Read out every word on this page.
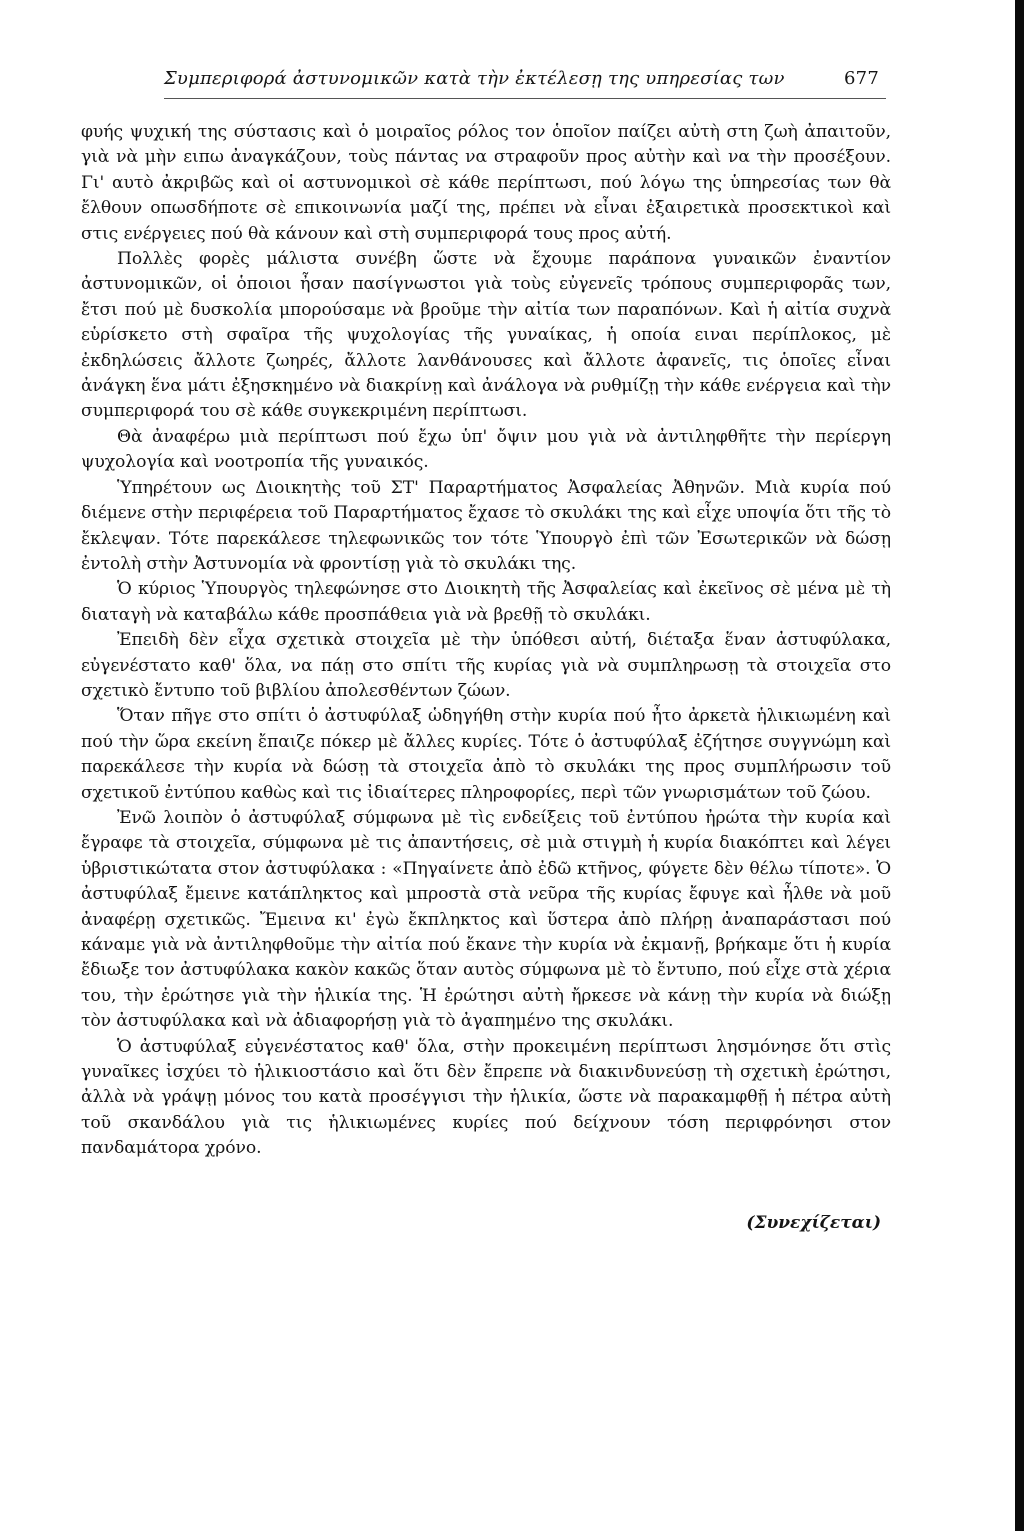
Συμπεριφορά ἀστυνομικῶν κατὰ τὴν ἐκτέλεσῃ της υπηρεσίας των	677

φυής ψυχική της σύστασις καὶ ὁ μοιραῖος ρόλος τον ὁποῖον παίζει αὐτὴ στη ζωὴ ἀπαιτοῦν, γιὰ νὰ μὴν ειπω ἀναγκάζουν, τοὺς πάντας να στραφοῦν προς αὐτὴν καὶ να τὴν προσέξουν. Γι' αυτὸ ἀκριβῶς καὶ οἱ αστυνομικοὶ σὲ κάθε περίπτωσι, πού λόγω της ὑπηρεσίας των θὰ ἔλθουν οπωσδήποτε σὲ επικοινωνία μαζί της, πρέπει νὰ εἶναι ἐξαιρετικὰ προσεκτικοὶ καὶ στις ενέργειες πού θὰ κάνουν καὶ στὴ συμπεριφορά τους προς αὐτή.

Πολλὲς φορὲς μάλιστα συνέβη ὥστε νὰ ἔχουμε παράπονα γυναικῶν ἐναντίον ἀστυνομικῶν, οἱ ὁποιοι ἦσαν πασίγνωστοι γιὰ τοὺς εὐγενεῖς τρόπους συμπεριφορᾶς των, ἔτσι πού μὲ δυσκολία μπορούσαμε νὰ βροῦμε τὴν αἰτία των παραπόνων. Καὶ ἡ αἰτία συχνὰ εὑρίσκετο στὴ σφαῖρα τῆς ψυχολογίας τῆς γυναίκας, ἡ οποία ειναι περίπλοκος, μὲ ἐκδηλώσεις ἄλλοτε ζωηρές, ἄλλοτε λανθάνουσες καὶ ἄλλοτε ἀφανεῖς, τις ὁποῖες εἶναι ἀνάγκη ἕνα μάτι ἐξησκημένο νὰ διακρίνῃ καὶ ἀνάλογα νὰ ρυθμίζῃ τὴν κάθε ενέργεια καὶ τὴν συμπεριφορά του σὲ κάθε συγκεκριμένη περίπτωσι.

Θὰ ἀναφέρω μιὰ περίπτωσι πού ἔχω ὑπ' ὄψιν μου γιὰ νὰ ἀντιληφθῆτε τὴν περίεργη ψυχολογία καὶ νοοτροπία τῆς γυναικός.

Ὑπηρέτουν ως Διοικητὴς τοῦ ΣΤ' Παραρτήματος Ἀσφαλείας Ἀθηνῶν. Μιὰ κυρία πού διέμενε στὴν περιφέρεια τοῦ Παραρτήματος ἔχασε τὸ σκυλάκι της καὶ εἶχε υποψία ὅτι τῆς τὸ ἔκλεψαν. Τότε παρεκάλεσε τηλεφωνικῶς τον τότε Ὑπουργὸ ἐπὶ τῶν Ἐσωτερικῶν νὰ δώσῃ ἐντολὴ στὴν Ἀστυνομία νὰ φροντίσῃ γιὰ τὸ σκυλάκι της.

Ὁ κύριος Ὑπουργὸς τηλεφώνησε στο Διοικητὴ τῆς Ἀσφαλείας καὶ ἐκεῖνος σὲ μένα μὲ τὴ διαταγὴ νὰ καταβάλω κάθε προσπάθεια γιὰ νὰ βρεθῇ τὸ σκυλάκι.

Ἐπειδὴ δὲν εἶχα σχετικὰ στοιχεῖα μὲ τὴν ὑπόθεσι αὐτή, διέταξα ἕναν ἀστυφύλακα, εὐγενέστατο καθ' ὅλα, να πάῃ στο σπίτι τῆς κυρίας γιὰ νὰ συμπληρωσῃ τὰ στοιχεῖα στο σχετικὸ ἔντυπο τοῦ βιβλίου ἀπολεσθέντων ζώων.

Ὅταν πῆγε στο σπίτι ὁ ἀστυφύλαξ ὡδηγήθη στὴν κυρία πού ἦτο ἀρκετὰ ἡλικιωμένη καὶ πού τὴν ὥρα εκείνη ἔπαιζε πόκερ μὲ ἄλλες κυρίες. Τότε ὁ ἀστυφύλαξ ἐζήτησε συγγνώμη καὶ παρεκάλεσε τὴν κυρία νὰ δώσῃ τὰ στοιχεῖα ἀπὸ τὸ σκυλάκι της προς συμπλήρωσιν τοῦ σχετικοῦ ἐντύπου καθὼς καὶ τις ἰδιαίτερες πληροφορίες, περὶ τῶν γνωρισμάτων τοῦ ζώου.

Ἐνῶ λοιπὸν ὁ ἀστυφύλαξ σύμφωνα μὲ τὶς ενδείξεις τοῦ ἐντύπου ἠρώτα τὴν κυρία καὶ ἔγραφε τὰ στοιχεῖα, σύμφωνα μὲ τις ἀπαντήσεις, σὲ μιὰ στιγμὴ ἡ κυρία διακόπτει καὶ λέγει ὑβριστικώτατα στον ἀστυφύλακα : «Πηγαίνετε ἀπὸ ἐδῶ κτῆνος, φύγετε δὲν θέλω τίποτε». Ὁ ἀστυφύλαξ ἔμεινε κατάπληκτος καὶ μπροστὰ στὰ νεῦρα τῆς κυρίας ἔφυγε καὶ ἦλθε νὰ μοῦ ἀναφέρῃ σχετικῶς. Ἔμεινα κι' ἐγὼ ἔκπληκτος καὶ ὕστερα ἀπὸ πλήρῃ ἀναπαράστασι πού κάναμε γιὰ νὰ ἀντιληφθοῦμε τὴν αἰτία πού ἔκανε τὴν κυρία νὰ ἐκμανῇ, βρήκαμε ὅτι ἡ κυρία ἔδιωξε τον ἀστυφύλακα κακὸν κακῶς ὅταν αυτὸς σύμφωνα μὲ τὸ ἔντυπο, πού εἶχε στὰ χέρια του, τὴν ἐρώτησε γιὰ τὴν ἡλικία της. Ἡ ἐρώτησι αὐτὴ ἤρκεσε νὰ κάνῃ τὴν κυρία νὰ διώξῃ τὸν ἀστυφύλακα καὶ νὰ ἀδιαφορήσῃ γιὰ τὸ ἀγαπημένο της σκυλάκι.

Ὁ ἀστυφύλαξ εὐγενέστατος καθ' ὅλα, στὴν προκειμένη περίπτωσι λησμόνησε ὅτι στὶς γυναῖκες ἰσχύει τὸ ἡλικιοστάσιο καὶ ὅτι δὲν ἔπρεπε νὰ διακινδυνεύσῃ τὴ σχετικὴ ἐρώτησι, ἀλλὰ νὰ γράψῃ μόνος του κατὰ προσέγγισι τὴν ἡλικία, ὥστε νὰ παρακαμφθῇ ἡ πέτρα αὐτὴ τοῦ σκανδάλου γιὰ τις ἡλικιωμένες κυρίες πού δείχνουν τόση περιφρόνησι στον πανδαμάτορα χρόνο.

(Συνεχίζεται)
